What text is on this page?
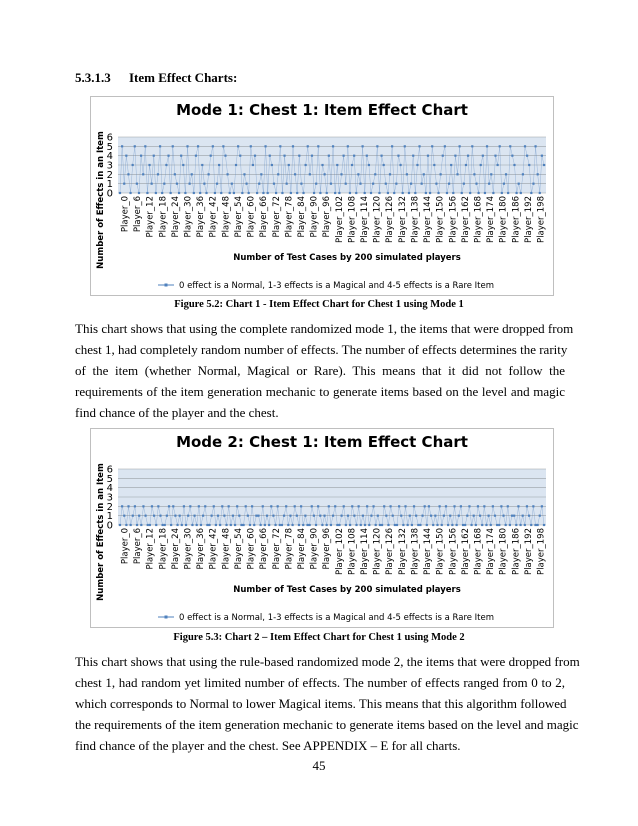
5.3.1.3 Item Effect Charts:
Mode 1: Chest 1: Item Effect Chart
0
1
2
3
4
5
6
Number of Effects in an Item Player_0 Player_6 Player_12 Player_18 Player_24 Player_30 Player_36 Player_42 Player_48 Player_54 Player_60 Player_66 Player_72 Player_78 Player_84 Player_90 Player_96 Player_102 Player_108 Player_114 Player_120 Player_126 Player_132 Player_138 Player_144 Player_150 Player_156 Player_162 Player_168 Player_174 Player_180 Player_186 Player_192 Player_198
Number of Test Cases by 200 simulated players
0 effect is a Normal, 1-3 effects is a Magical and 4-5 effects is a Rare Item
Figure 5.2: Chart 1 - Item Effect Chart for Chest 1 using Mode 1
This chart shows that using the complete randomized mode 1, the items that were dropped from
chest 1, had completely random number of effects. The number of effects determines the rarity
of the item (whether Normal, Magical or Rare). This means that it did not follow the
requirements of the item generation mechanic to generate items based on the level and magic
find chance of the player and the chest.
Mode 2: Chest 1: Item Effect Chart
0
1
2
3
4
5
6
Number of Effects in an Item Player_0 Player_6 Player_12 Player_18 Player_24 Player_30 Player_36 Player_42 Player_48 Player_54 Player_60 Player_66 Player_72 Player_78 Player_84 Player_90 Player_96 Player_102 Player_108 Player_114 Player_120 Player_126 Player_132 Player_138 Player_144 Player_150 Player_156 Player_162 Player_168 Player_174 Player_180 Player_186 Player_192 Player_198
Number of Test Cases by 200 simulated players
0 effect is a Normal, 1-3 effects is a Magical and 4-5 effects is a Rare Item
Figure 5.3: Chart 2 – Item Effect Chart for Chest 1 using Mode 2
This chart shows that using the rule-based randomized mode 2, the items that were dropped from
chest 1, had random yet limited number of effects. The number of effects ranged from 0 to 2,
which corresponds to Normal to lower Magical items. This means that this algorithm followed
the requirements of the item generation mechanic to generate items based on the level and magic
find chance of the player and the chest. See APPENDIX – E for all charts.
45
